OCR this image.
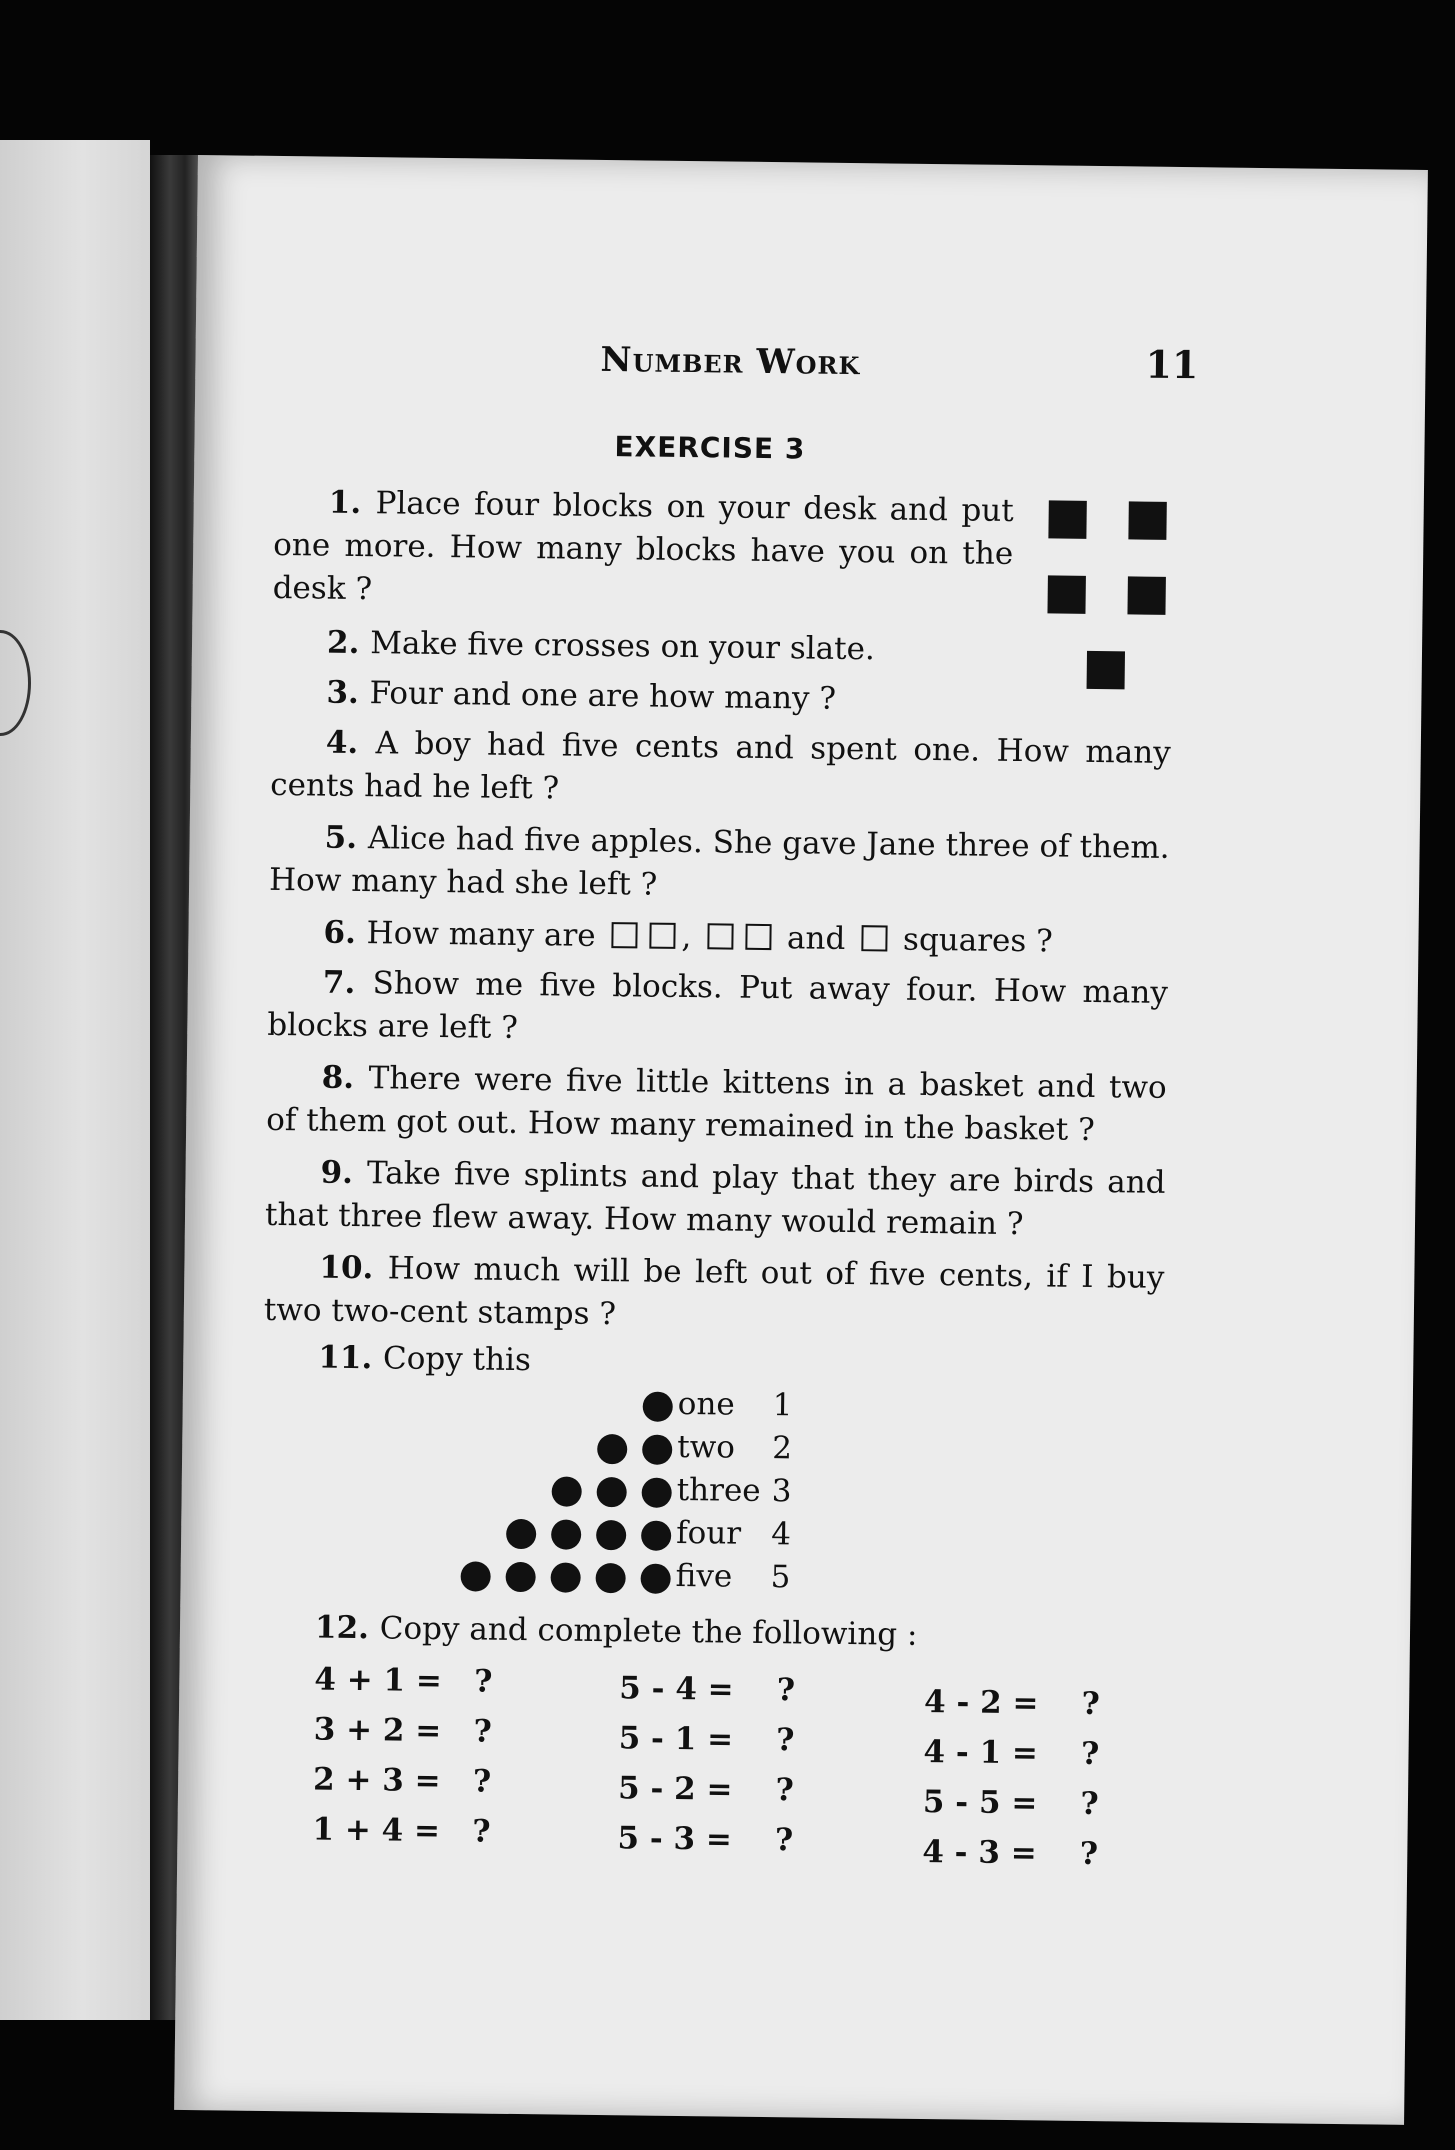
Number Work	11
EXERCISE 3
1. Place four blocks on your desk and put one more. How many blocks have you on the desk ?
2. Make five crosses on your slate.
3. Four and one are how many ?
4. A boy had five cents and spent one. How many cents had he left ?
5. Alice had five apples. She gave Jane three of them. How many had she left ?
6. How many are	,	and squares ?
7. Show me five blocks. Put away four. How many blocks are left ?
8. There were five little kittens in a basket and two of them got out. How many remained in the basket ?
9. Take five splints and play that they are birds and that three flew away. How many would remain ?
10. How much will be left out of five cents, if I buy two two-cent stamps ?
11. Copy this
one 1
two 2
three 3
four 4
five 5
12. Copy and complete the following :
4 + 1 =   ?
3 + 2 =   ?
2 + 3 =   ?
1 + 4 =   ?
5 - 4 =    ?
5 - 1 =    ?
5 - 2 =    ?
5 - 3 =    ?
4 - 2 =    ?
4 - 1 =    ?
5 - 5 =    ?
4 - 3 =    ?
